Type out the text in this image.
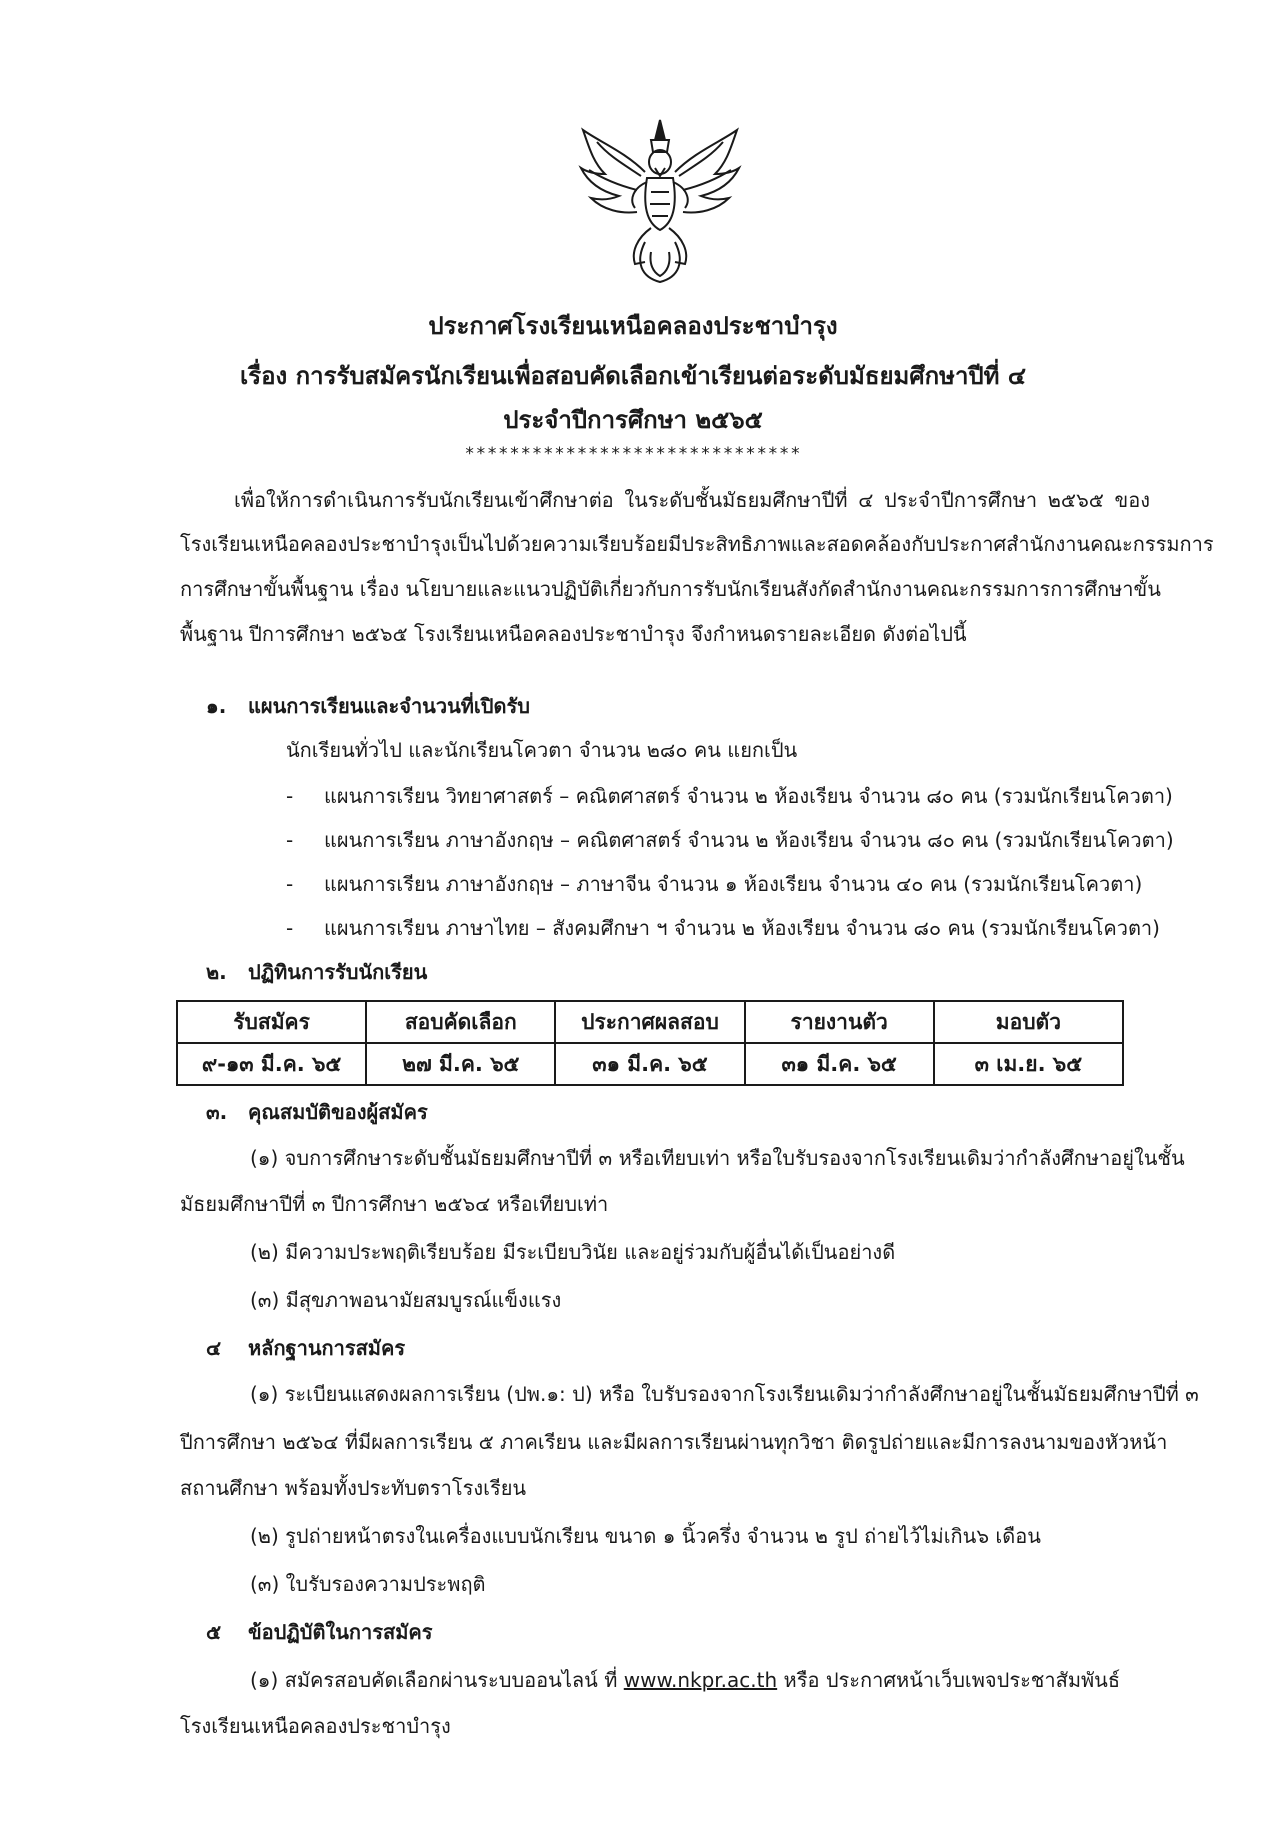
ประกาศโรงเรียนเหนือคลองประชาบำรุง
เรื่อง การรับสมัครนักเรียนเพื่อสอบคัดเลือกเข้าเรียนต่อระดับมัธยมศึกษาปีที่ ๔
ประจำปีการศึกษา ๒๕๖๕
******************************
เพื่อให้การดำเนินการรับนักเรียนเข้าศึกษาต่อ ในระดับชั้นมัธยมศึกษาปีที่ ๔ ประจำปีการศึกษา ๒๕๖๕ ของ
โรงเรียนเหนือคลองประชาบำรุงเป็นไปด้วยความเรียบร้อยมีประสิทธิภาพและสอดคล้องกับประกาศสำนักงานคณะกรรมการ
การศึกษาขั้นพื้นฐาน เรื่อง นโยบายและแนวปฏิบัติเกี่ยวกับการรับนักเรียนสังกัดสำนักงานคณะกรรมการการศึกษาขั้น
พื้นฐาน ปีการศึกษา ๒๕๖๕ โรงเรียนเหนือคลองประชาบำรุง จึงกำหนดรายละเอียด ดังต่อไปนี้
๑. แผนการเรียนและจำนวนที่เปิดรับ
นักเรียนทั่วไป และนักเรียนโควตา จำนวน ๒๘๐ คน แยกเป็น
- แผนการเรียน วิทยาศาสตร์ – คณิตศาสตร์ จำนวน ๒ ห้องเรียน จำนวน ๘๐ คน (รวมนักเรียนโควตา)
- แผนการเรียน ภาษาอังกฤษ – คณิตศาสตร์ จำนวน ๒ ห้องเรียน จำนวน ๘๐ คน (รวมนักเรียนโควตา)
- แผนการเรียน ภาษาอังกฤษ – ภาษาจีน จำนวน ๑ ห้องเรียน จำนวน ๔๐ คน (รวมนักเรียนโควตา)
- แผนการเรียน ภาษาไทย – สังคมศึกษา ฯ จำนวน ๒ ห้องเรียน จำนวน ๘๐ คน (รวมนักเรียนโควตา)
๒. ปฏิทินการรับนักเรียน
รับสมัคร	สอบคัดเลือก	ประกาศผลสอบ	รายงานตัว	มอบตัว
๙-๑๓ มี.ค. ๖๕	๒๗ มี.ค. ๖๕	๓๑ มี.ค. ๖๕	๓๑ มี.ค. ๖๕	๓ เม.ย. ๖๕
๓. คุณสมบัติของผู้สมัคร
(๑) จบการศึกษาระดับชั้นมัธยมศึกษาปีที่ ๓ หรือเทียบเท่า หรือใบรับรองจากโรงเรียนเดิมว่ากำลังศึกษาอยู่ในชั้น
มัธยมศึกษาปีที่ ๓ ปีการศึกษา ๒๕๖๔ หรือเทียบเท่า
(๒) มีความประพฤติเรียบร้อย มีระเบียบวินัย และอยู่ร่วมกับผู้อื่นได้เป็นอย่างดี
(๓) มีสุขภาพอนามัยสมบูรณ์แข็งแรง
๔ หลักฐานการสมัคร
(๑) ระเบียนแสดงผลการเรียน (ปพ.๑: ป) หรือ ใบรับรองจากโรงเรียนเดิมว่ากำลังศึกษาอยู่ในชั้นมัธยมศึกษาปีที่ ๓
ปีการศึกษา ๒๕๖๔ ที่มีผลการเรียน ๕ ภาคเรียน และมีผลการเรียนผ่านทุกวิชา ติดรูปถ่ายและมีการลงนามของหัวหน้า
สถานศึกษา พร้อมทั้งประทับตราโรงเรียน
(๒) รูปถ่ายหน้าตรงในเครื่องแบบนักเรียน ขนาด ๑ นิ้วครึ่ง จำนวน ๒ รูป ถ่ายไว้ไม่เกิน๖ เดือน
(๓) ใบรับรองความประพฤติ
๕ ข้อปฏิบัติในการสมัคร
(๑) สมัครสอบคัดเลือกผ่านระบบออนไลน์ ที่ www.nkpr.ac.th หรือ ประกาศหน้าเว็บเพจประชาสัมพันธ์
โรงเรียนเหนือคลองประชาบำรุง
